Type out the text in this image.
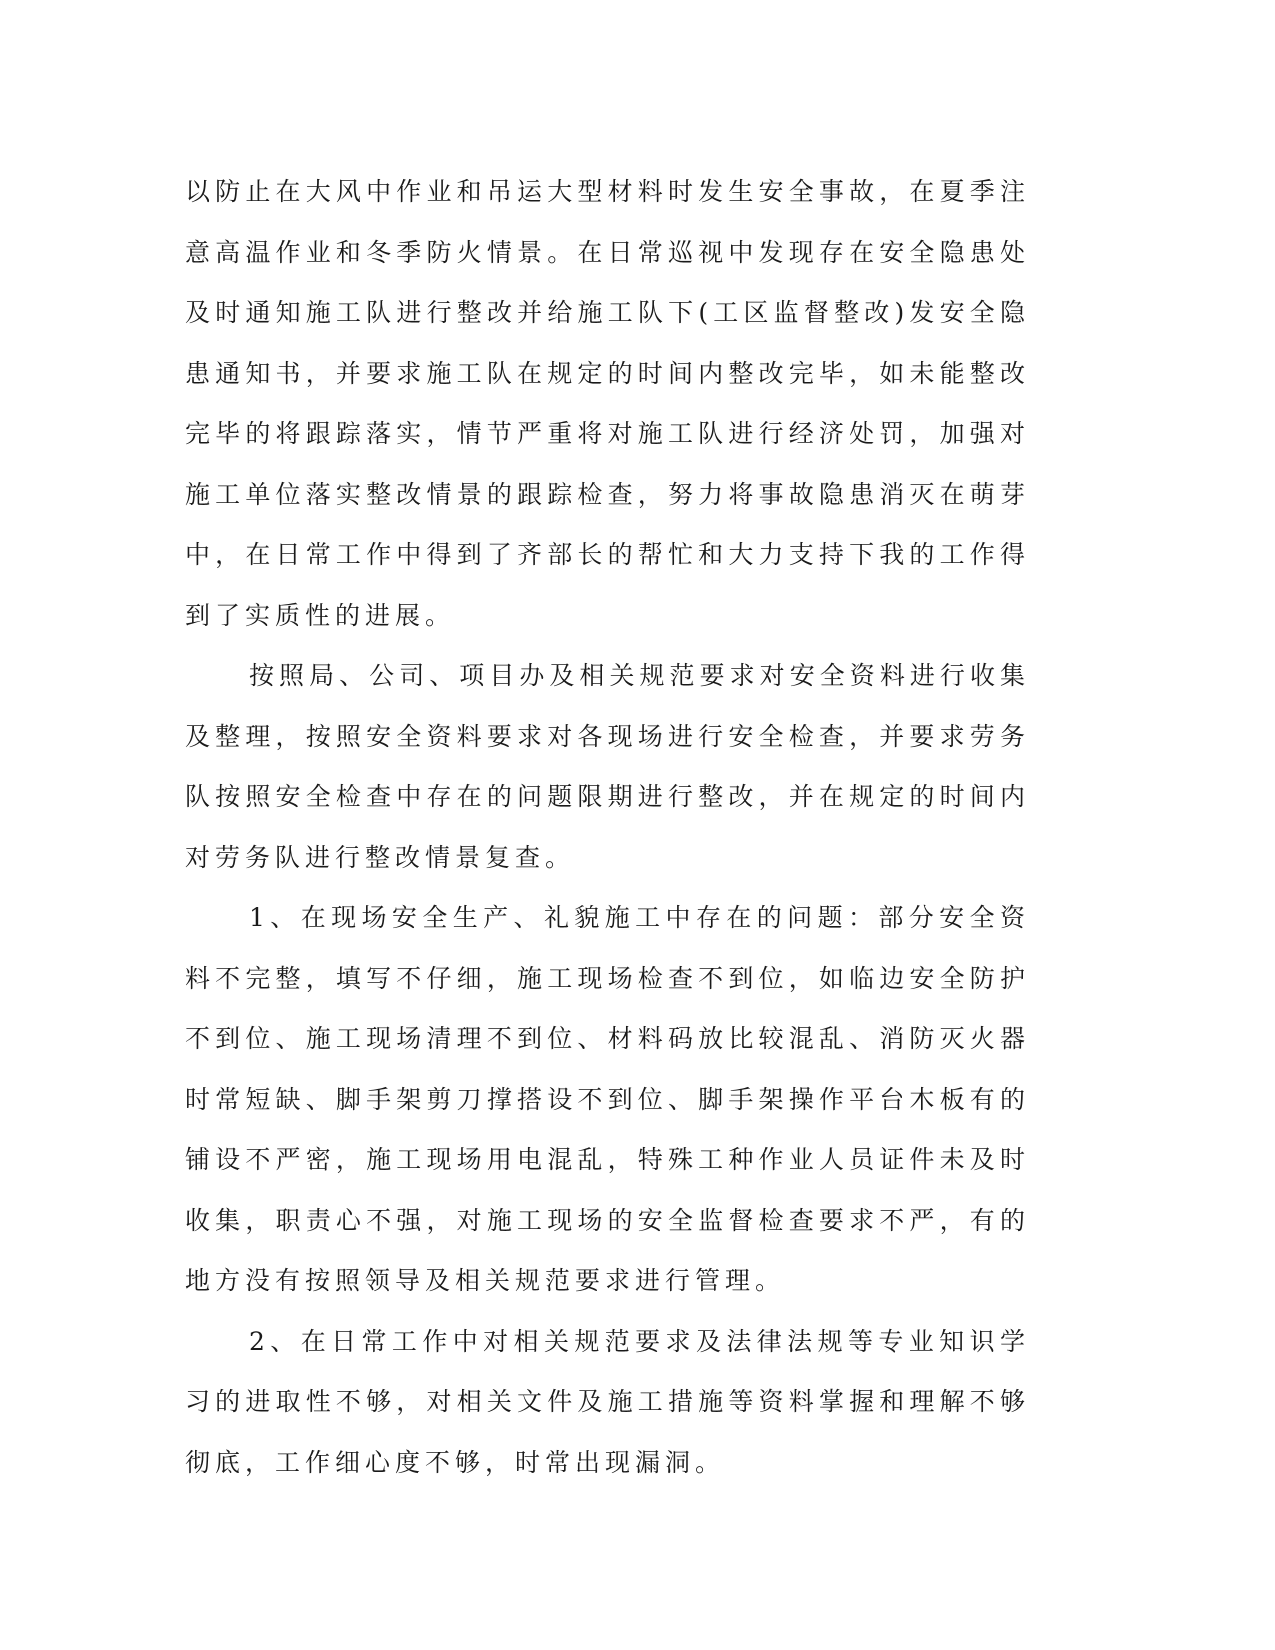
以防止在大风中作业和吊运大型材料时发生安全事故，在夏季注意高温作业和冬季防火情景。在日常巡视中发现存在安全隐患处及时通知施工队进行整改并给施工队下(工区监督整改)发安全隐患通知书，并要求施工队在规定的时间内整改完毕，如未能整改完毕的将跟踪落实，情节严重将对施工队进行经济处罚，加强对施工单位落实整改情景的跟踪检查，努力将事故隐患消灭在萌芽中，在日常工作中得到了齐部长的帮忙和大力支持下我的工作得到了实质性的进展。

按照局、公司、项目办及相关规范要求对安全资料进行收集及整理，按照安全资料要求对各现场进行安全检查，并要求劳务队按照安全检查中存在的问题限期进行整改，并在规定的时间内对劳务队进行整改情景复查。

1、在现场安全生产、礼貌施工中存在的问题：部分安全资料不完整，填写不仔细，施工现场检查不到位，如临边安全防护不到位、施工现场清理不到位、材料码放比较混乱、消防灭火器时常短缺、脚手架剪刀撑搭设不到位、脚手架操作平台木板有的铺设不严密，施工现场用电混乱，特殊工种作业人员证件未及时收集，职责心不强，对施工现场的安全监督检查要求不严，有的地方没有按照领导及相关规范要求进行管理。

2、在日常工作中对相关规范要求及法律法规等专业知识学习的进取性不够，对相关文件及施工措施等资料掌握和理解不够彻底，工作细心度不够，时常出现漏洞。
